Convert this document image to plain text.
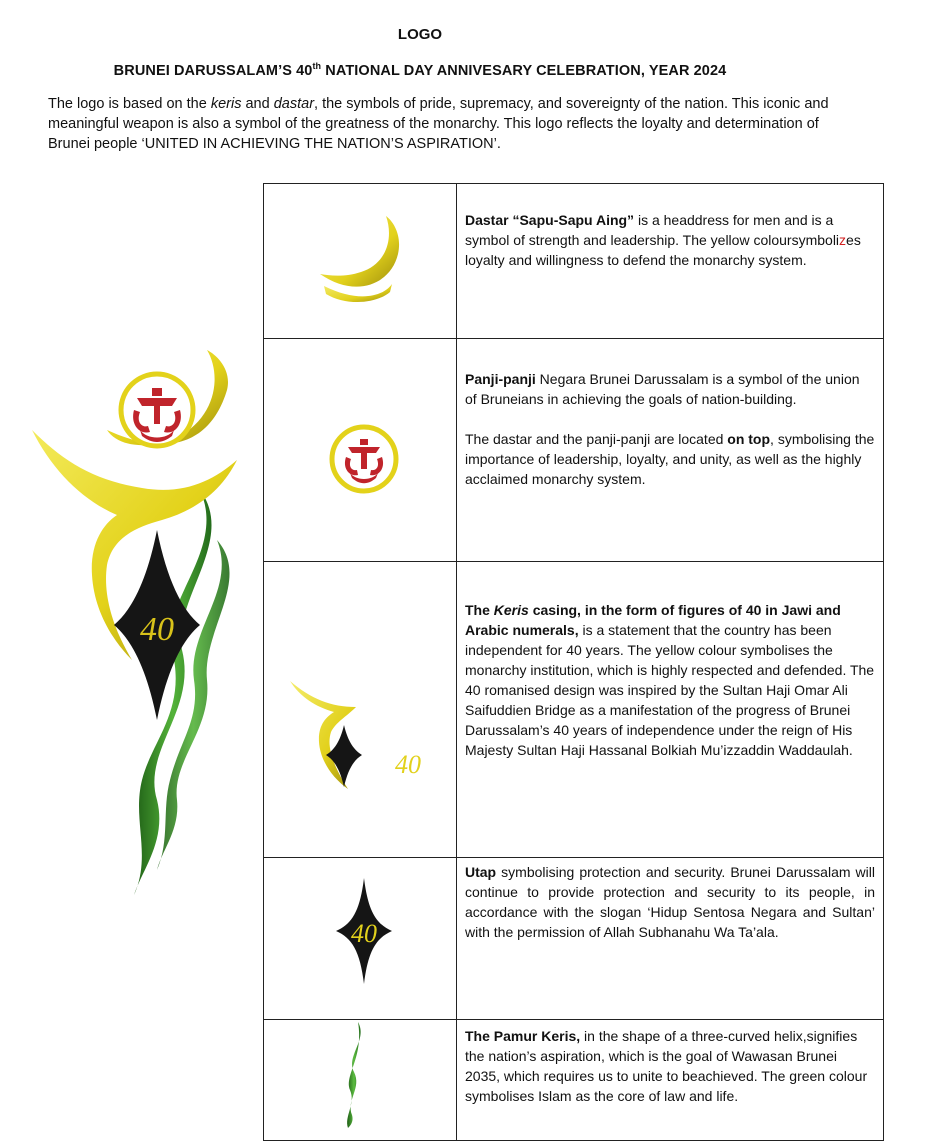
LOGO
BRUNEI DARUSSALAM’S 40th NATIONAL DAY ANNIVESARY CELEBRATION, YEAR 2024
The logo is based on the keris and dastar, the symbols of pride, supremacy, and sovereignty of the nation. This iconic and meaningful weapon is also a symbol of the greatness of the monarchy. This logo reflects the loyalty and determination of Brunei people ‘UNITED IN ACHIEVING THE NATION’S ASPIRATION’.
40

Dastar “Sapu-Sapu Aing” is a headdress for men and is a symbol of strength and leadership. The yellow coloursymbolizes loyalty and willingness to defend the monarchy system.

Panji-panji Negara Brunei Darussalam is a symbol of the union of Bruneians in achieving the goals of nation-building.

The dastar and the panji-panji are located on top, symbolising the importance of leadership, loyalty, and unity, as well as the highly acclaimed monarchy system.

40	The Keris casing, in the form of figures of 40 in Jawi and Arabic numerals, is a statement that the country has been independent for 40 years. The yellow colour symbolises the monarchy institution, which is highly respected and defended. The 40 romanised design was inspired by the Sultan Haji Omar Ali Saifuddien Bridge as a manifestation of the progress of Brunei Darussalam’s 40 years of independence under the reign of His Majesty Sultan Haji Hassanal Bolkiah Mu’izzaddin Waddaulah.

40	Utap symbolising protection and security. Brunei Darussalam will continue to provide protection and security to its people, in accordance with the slogan ‘Hidup Sentosa Negara and Sultan’ with the permission of Allah Subhanahu Wa Ta’ala.

The Pamur Keris, in the shape of a three-curved helix,signifies the nation’s aspiration, which is the goal of Wawasan Brunei 2035, which requires us to unite to beachieved. The green colour symbolises Islam as the core of law and life.
